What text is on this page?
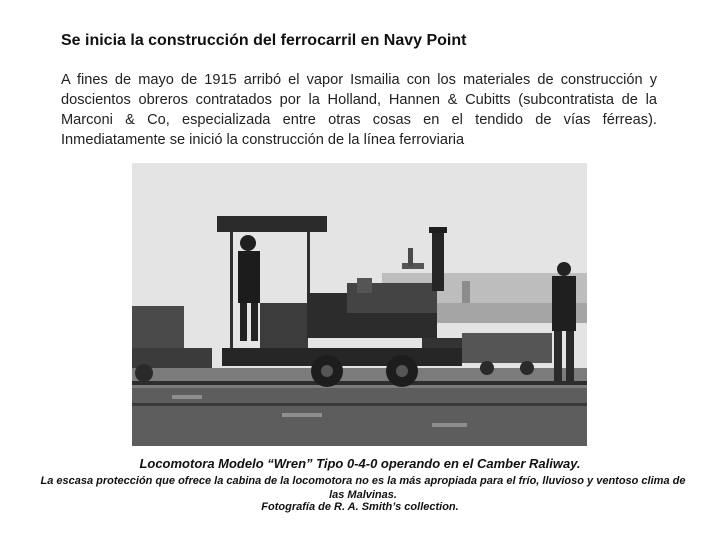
Se inicia la construcción del ferrocarril en Navy Point
A fines de mayo de 1915 arribó el vapor Ismailia con los materiales de construcción y doscientos obreros contratados por la Holland, Hannen & Cubitts (subcontratista de la Marconi & Co, especializada entre otras cosas en el tendido de vías férreas). Inmediatamente se inició la construcción de la línea ferroviaria
Locomotora Modelo “Wren” Tipo 0-4-0 operando en el Camber Raliway.
La escasa protección que ofrece la cabina de la locomotora no es la más apropiada para el frío, lluvioso y ventoso clima de las Malvinas.
Fotografía de R. A. Smith’s collection.
